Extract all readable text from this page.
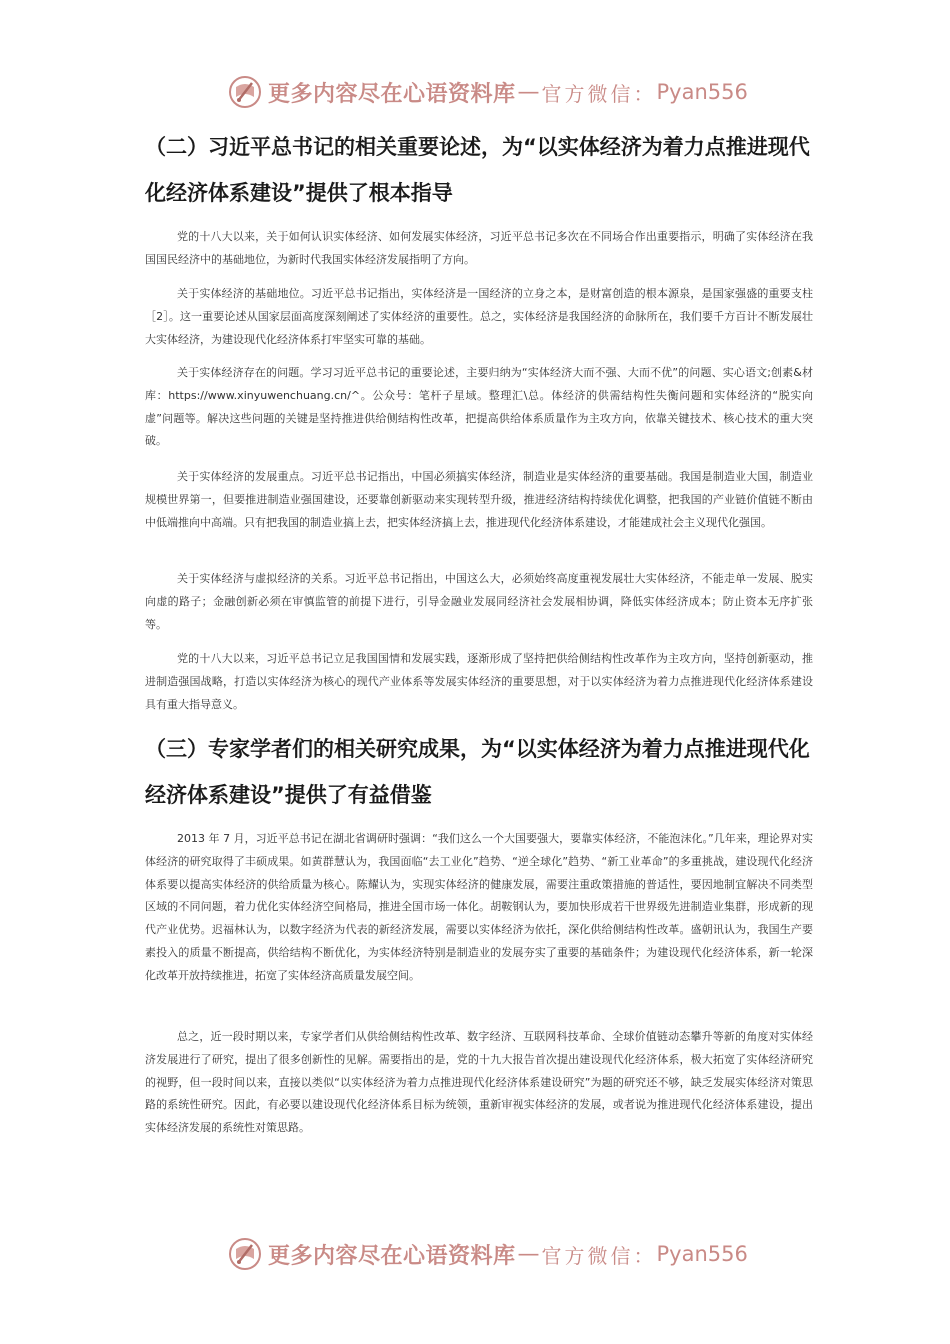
更多内容尽在心语资料库 — 官方微信： Pyan556
（二）习近平总书记的相关重要论述，为“以实体经济为着力点推进现代化经济体系建设”提供了根本指导

党的十八大以来，关于如何认识实体经济、如何发展实体经济，习近平总书记多次在不同场合作出重要指示，明确了实体经济在我国国民经济中的基础地位，为新时代我国实体经济发展指明了方向。

关于实体经济的基础地位。习近平总书记指出，实体经济是一国经济的立身之本，是财富创造的根本源泉，是国家强盛的重要支柱［2］。这一重要论述从国家层面高度深刻阐述了实体经济的重要性。总之，实体经济是我国经济的命脉所在，我们要千方百计不断发展壮大实体经济，为建设现代化经济体系打牢坚实可靠的基础。

关于实体经济存在的问题。学习习近平总书记的重要论述，主要归纳为“实体经济大而不强、大而不优”的问题、实心语文;创素&材库：https://www.xinyuwenchuang.cn/^。公众号：笔杆子星域。整理汇\总。体经济的供需结构性失衡问题和实体经济的“脱实向虚”问题等。解决这些问题的关键是坚持推进供给侧结构性改革，把提高供给体系质量作为主攻方向，依靠关键技术、核心技术的重大突破。

关于实体经济的发展重点。习近平总书记指出，中国必须搞实体经济，制造业是实体经济的重要基础。我国是制造业大国，制造业规模世界第一，但要推进制造业强国建设，还要靠创新驱动来实现转型升级，推进经济结构持续优化调整，把我国的产业链价值链不断由中低端推向中高端。只有把我国的制造业搞上去，把实体经济搞上去，推进现代化经济体系建设，才能建成社会主义现代化强国。

关于实体经济与虚拟经济的关系。习近平总书记指出，中国这么大，必须始终高度重视发展壮大实体经济，不能走单一发展、脱实向虚的路子；金融创新必须在审慎监管的前提下进行，引导金融业发展同经济社会发展相协调，降低实体经济成本；防止资本无序扩张等。

党的十八大以来，习近平总书记立足我国国情和发展实践，逐渐形成了坚持把供给侧结构性改革作为主攻方向，坚持创新驱动，推进制造强国战略，打造以实体经济为核心的现代产业体系等发展实体经济的重要思想，对于以实体经济为着力点推进现代化经济体系建设具有重大指导意义。

（三）专家学者们的相关研究成果，为“以实体经济为着力点推进现代化经济体系建设”提供了有益借鉴

2013 年 7 月，习近平总书记在湖北省调研时强调：“我们这么一个大国要强大，要靠实体经济，不能泡沫化。”几年来，理论界对实体经济的研究取得了丰硕成果。如黄群慧认为，我国面临“去工业化”趋势、“逆全球化”趋势、“新工业革命”的多重挑战，建设现代化经济体系要以提高实体经济的供给质量为核心。陈耀认为，实现实体经济的健康发展，需要注重政策措施的普适性，要因地制宜解决不同类型区域的不同问题，着力优化实体经济空间格局，推进全国市场一体化。胡鞍钢认为，要加快形成若干世界级先进制造业集群，形成新的现代产业优势。迟福林认为，以数字经济为代表的新经济发展，需要以实体经济为依托，深化供给侧结构性改革。盛朝讯认为，我国生产要素投入的质量不断提高，供给结构不断优化，为实体经济特别是制造业的发展夯实了重要的基础条件；为建设现代化经济体系，新一轮深化改革开放持续推进，拓宽了实体经济高质量发展空间。

总之，近一段时期以来，专家学者们从供给侧结构性改革、数字经济、互联网科技革命、全球价值链动态攀升等新的角度对实体经济发展进行了研究，提出了很多创新性的见解。需要指出的是，党的十九大报告首次提出建设现代化经济体系，极大拓宽了实体经济研究的视野，但一段时间以来，直接以类似“以实体经济为着力点推进现代化经济体系建设研究”为题的研究还不够，缺乏发展实体经济对策思路的系统性研究。因此，有必要以建设现代化经济体系目标为统领，重新审视实体经济的发展，或者说为推进现代化经济体系建设，提出实体经济发展的系统性对策思路。

更多内容尽在心语资料库 — 官方微信： Pyan556
